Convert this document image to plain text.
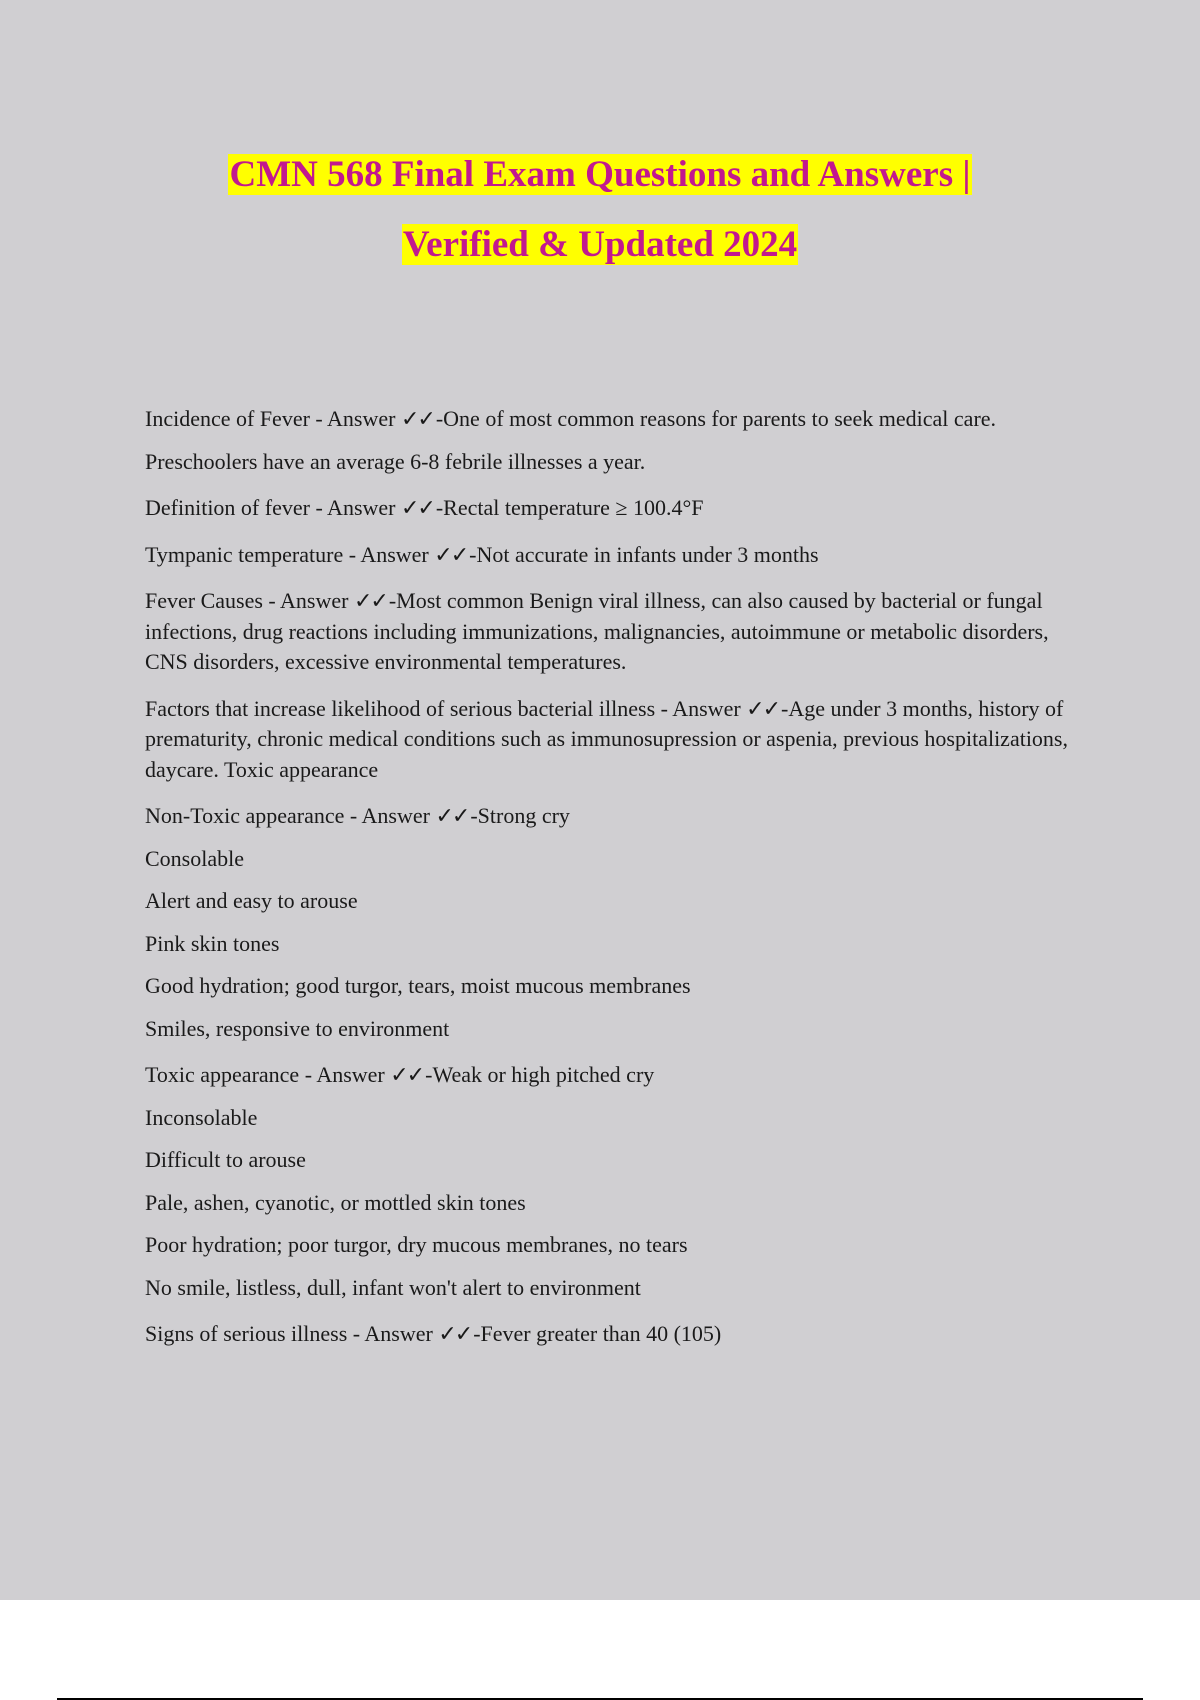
CMN 568 Final Exam Questions and Answers |
Verified & Updated 2024

Incidence of Fever - Answer ✓✓-One of most common reasons for parents to seek medical care.

Preschoolers have an average 6-8 febrile illnesses a year.

Definition of fever - Answer ✓✓-Rectal temperature ≥ 100.4°F

Tympanic temperature - Answer ✓✓-Not accurate in infants under 3 months

Fever Causes - Answer ✓✓-Most common Benign viral illness, can also caused by bacterial or fungal infections, drug reactions including immunizations, malignancies, autoimmune or metabolic disorders, CNS disorders, excessive environmental temperatures.

Factors that increase likelihood of serious bacterial illness - Answer ✓✓-Age under 3 months, history of prematurity, chronic medical conditions such as immunosupression or aspenia, previous hospitalizations, daycare. Toxic appearance

Non-Toxic appearance - Answer ✓✓-Strong cry

Consolable

Alert and easy to arouse

Pink skin tones

Good hydration; good turgor, tears, moist mucous membranes

Smiles, responsive to environment

Toxic appearance - Answer ✓✓-Weak or high pitched cry

Inconsolable

Difficult to arouse

Pale, ashen, cyanotic, or mottled skin tones

Poor hydration; poor turgor, dry mucous membranes, no tears

No smile, listless, dull, infant won't alert to environment

Signs of serious illness - Answer ✓✓-Fever greater than 40 (105)
